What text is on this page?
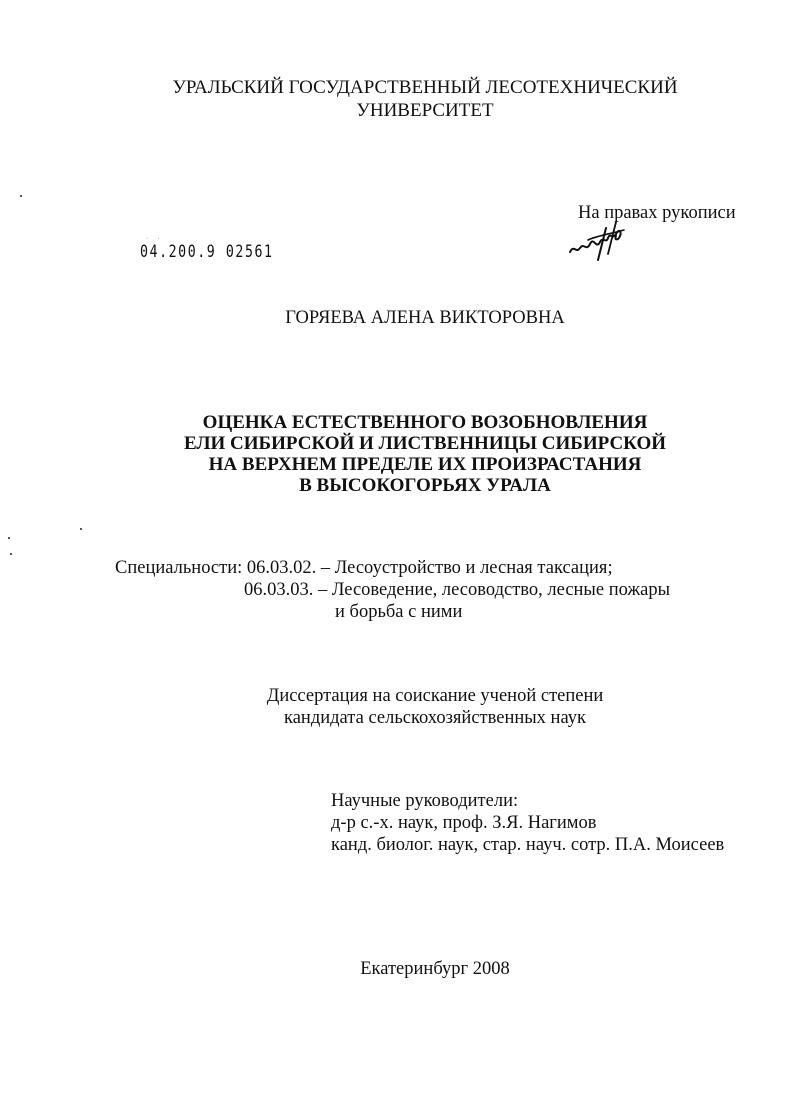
УРАЛЬСКИЙ ГОСУДАРСТВЕННЫЙ ЛЕСОТЕХНИЧЕСКИЙ
УНИВЕРСИТЕТ
На правах рукописи
· ·
04.200.9 02561
ГОРЯЕВА АЛЕНА ВИКТОРОВНА
ОЦЕНКА ЕСТЕСТВЕННОГО ВОЗОБНОВЛЕНИЯ
ЕЛИ СИБИРСКОЙ И ЛИСТВЕННИЦЫ СИБИРСКОЙ
НА ВЕРХНЕМ ПРЕДЕЛЕ ИХ ПРОИЗРАСТАНИЯ
В ВЫСОКОГОРЬЯХ УРАЛА
Специальности: 06.03.02. – Лесоустройство и лесная таксация;
06.03.03. – Лесоведение, лесоводство, лесные пожары
и борьба с ними
Диссертация на соискание ученой степени
кандидата сельскохозяйственных наук
Научные руководители:
д-р с.-х. наук, проф. З.Я. Нагимов
канд. биолог. наук, стар. науч. сотр. П.А. Моисеев
Екатеринбург 2008
